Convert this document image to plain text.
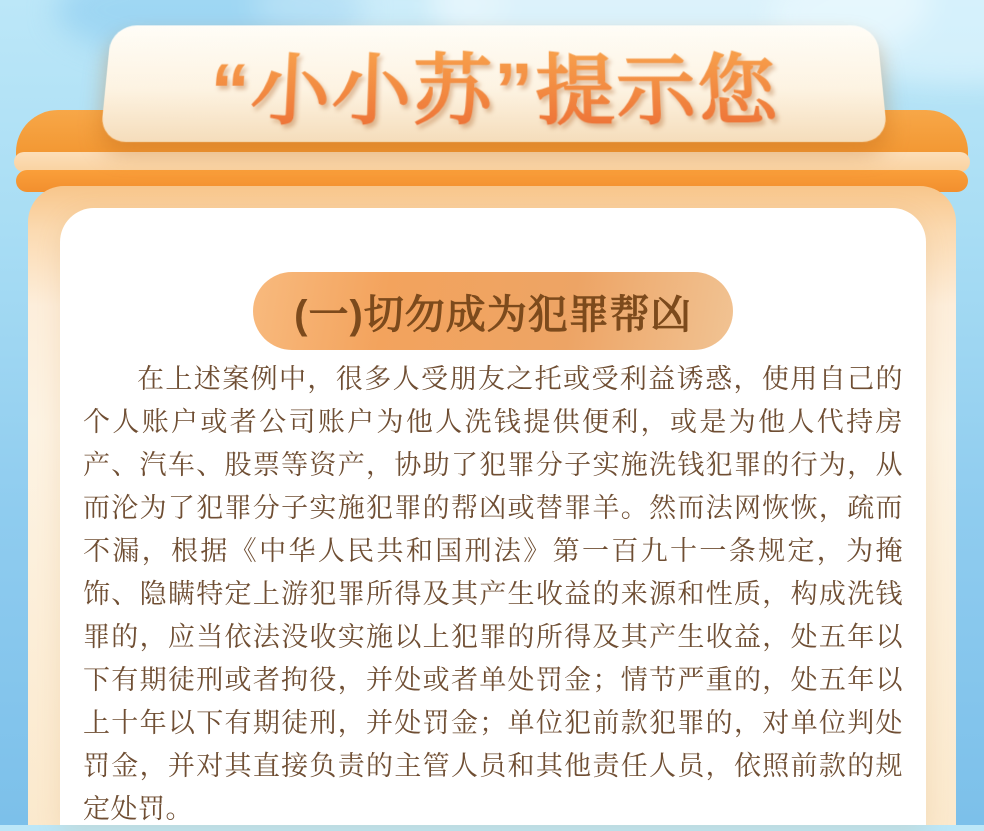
(一)切勿成为犯罪帮凶

在上述案例中，很多人受朋友之托或受利益诱惑，使用自己的个人账户或者公司账户为他人洗钱提供便利，或是为他人代持房产、汽车、股票等资产，协助了犯罪分子实施洗钱犯罪的行为，从而沦为了犯罪分子实施犯罪的帮凶或替罪羊。然而法网恢恢，疏而不漏，根据《中华人民共和国刑法》第一百九十一条规定，为掩饰、隐瞒特定上游犯罪所得及其产生收益的来源和性质，构成洗钱罪的，应当依法没收实施以上犯罪的所得及其产生收益，处五年以下有期徒刑或者拘役，并处或者单处罚金；情节严重的，处五年以上十年以下有期徒刑，并处罚金；单位犯前款犯罪的，对单位判处罚金，并对其直接负责的主管人员和其他责任人员，依照前款的规定处罚。

“小小苏”提示您
